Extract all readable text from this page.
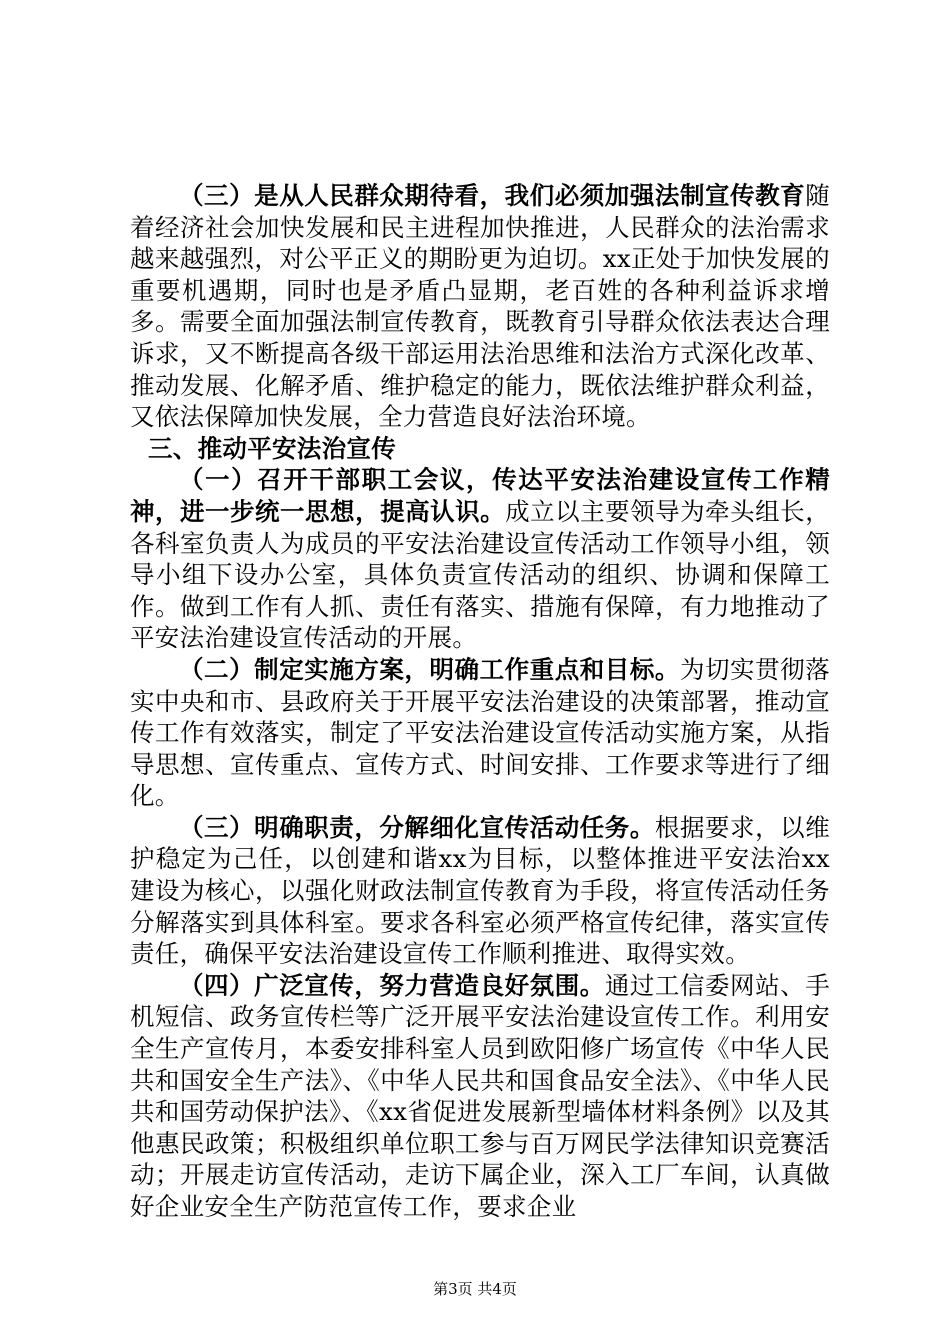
（三）是从人民群众期待看，我们必须加强法制宣传教育随着经济社会加快发展和民主进程加快推进，人民群众的法治需求越来越强烈，对公平正义的期盼更为迫切。xx正处于加快发展的重要机遇期，同时也是矛盾凸显期，老百姓的各种利益诉求增多。需要全面加强法制宣传教育，既教育引导群众依法表达合理诉求，又不断提高各级干部运用法治思维和法治方式深化改革、推动发展、化解矛盾、维护稳定的能力，既依法维护群众利益，又依法保障加快发展，全力营造良好法治环境。

三、推动平安法治宣传

（一）召开干部职工会议，传达平安法治建设宣传工作精神，进一步统一思想，提高认识。成立以主要领导为牵头组长，各科室负责人为成员的平安法治建设宣传活动工作领导小组，领导小组下设办公室，具体负责宣传活动的组织、协调和保障工作。做到工作有人抓、责任有落实、措施有保障，有力地推动了平安法治建设宣传活动的开展。

（二）制定实施方案，明确工作重点和目标。为切实贯彻落实中央和市、县政府关于开展平安法治建设的决策部署，推动宣传工作有效落实，制定了平安法治建设宣传活动实施方案，从指导思想、宣传重点、宣传方式、时间安排、工作要求等进行了细化。

（三）明确职责，分解细化宣传活动任务。根据要求，以维护稳定为己任，以创建和谐xx为目标，以整体推进平安法治xx建设为核心，以强化财政法制宣传教育为手段，将宣传活动任务分解落实到具体科室。要求各科室必须严格宣传纪律，落实宣传责任，确保平安法治建设宣传工作顺利推进、取得实效。

（四）广泛宣传，努力营造良好氛围。通过工信委网站、手机短信、政务宣传栏等广泛开展平安法治建设宣传工作。利用安全生产宣传月，本委安排科室人员到欧阳修广场宣传《中华人民共和国安全生产法》、《中华人民共和国食品安全法》、《中华人民共和国劳动保护法》、《xx省促进发展新型墙体材料条例》以及其他惠民政策；积极组织单位职工参与百万网民学法律知识竞赛活动；开展走访宣传活动，走访下属企业，深入工厂车间，认真做好企业安全生产防范宣传工作，要求企业

第3页 共4页
